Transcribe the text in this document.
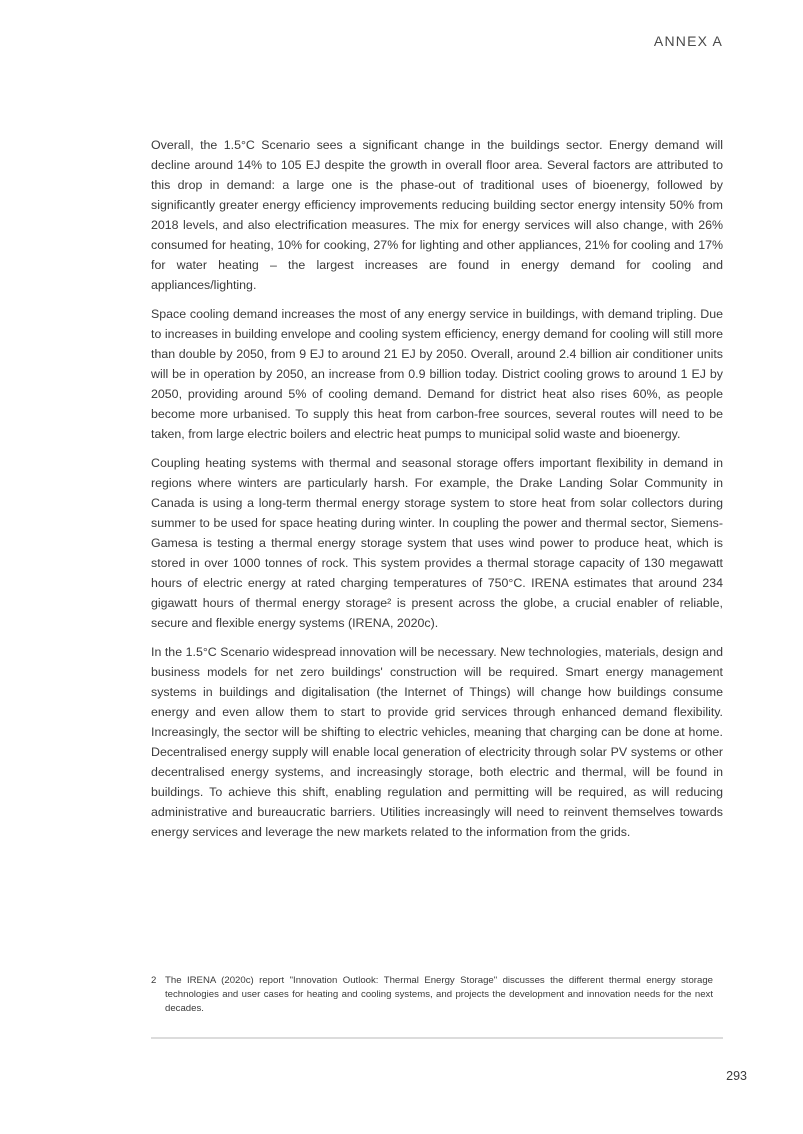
ANNEX A

Overall, the 1.5°C Scenario sees a significant change in the buildings sector. Energy demand will decline around 14% to 105 EJ despite the growth in overall floor area. Several factors are attributed to this drop in demand: a large one is the phase-out of traditional uses of bioenergy, followed by significantly greater energy efficiency improvements reducing building sector energy intensity 50% from 2018 levels, and also electrification measures. The mix for energy services will also change, with 26% consumed for heating, 10% for cooking, 27% for lighting and other appliances, 21% for cooling and 17% for water heating – the largest increases are found in energy demand for cooling and appliances/lighting.

Space cooling demand increases the most of any energy service in buildings, with demand tripling. Due to increases in building envelope and cooling system efficiency, energy demand for cooling will still more than double by 2050, from 9 EJ to around 21 EJ by 2050. Overall, around 2.4 billion air conditioner units will be in operation by 2050, an increase from 0.9 billion today. District cooling grows to around 1 EJ by 2050, providing around 5% of cooling demand. Demand for district heat also rises 60%, as people become more urbanised. To supply this heat from carbon-free sources, several routes will need to be taken, from large electric boilers and electric heat pumps to municipal solid waste and bioenergy.

Coupling heating systems with thermal and seasonal storage offers important flexibility in demand in regions where winters are particularly harsh. For example, the Drake Landing Solar Community in Canada is using a long-term thermal energy storage system to store heat from solar collectors during summer to be used for space heating during winter. In coupling the power and thermal sector, Siemens-Gamesa is testing a thermal energy storage system that uses wind power to produce heat, which is stored in over 1000 tonnes of rock. This system provides a thermal storage capacity of 130 megawatt hours of electric energy at rated charging temperatures of 750°C. IRENA estimates that around 234 gigawatt hours of thermal energy storage² is present across the globe, a crucial enabler of reliable, secure and flexible energy systems (IRENA, 2020c).

In the 1.5°C Scenario widespread innovation will be necessary. New technologies, materials, design and business models for net zero buildings' construction will be required. Smart energy management systems in buildings and digitalisation (the Internet of Things) will change how buildings consume energy and even allow them to start to provide grid services through enhanced demand flexibility. Increasingly, the sector will be shifting to electric vehicles, meaning that charging can be done at home. Decentralised energy supply will enable local generation of electricity through solar PV systems or other decentralised energy systems, and increasingly storage, both electric and thermal, will be found in buildings. To achieve this shift, enabling regulation and permitting will be required, as will reducing administrative and bureaucratic barriers. Utilities increasingly will need to reinvent themselves towards energy services and leverage the new markets related to the information from the grids.

2 The IRENA (2020c) report "Innovation Outlook: Thermal Energy Storage" discusses the different thermal energy storage technologies and user cases for heating and cooling systems, and projects the development and innovation needs for the next decades.
293
